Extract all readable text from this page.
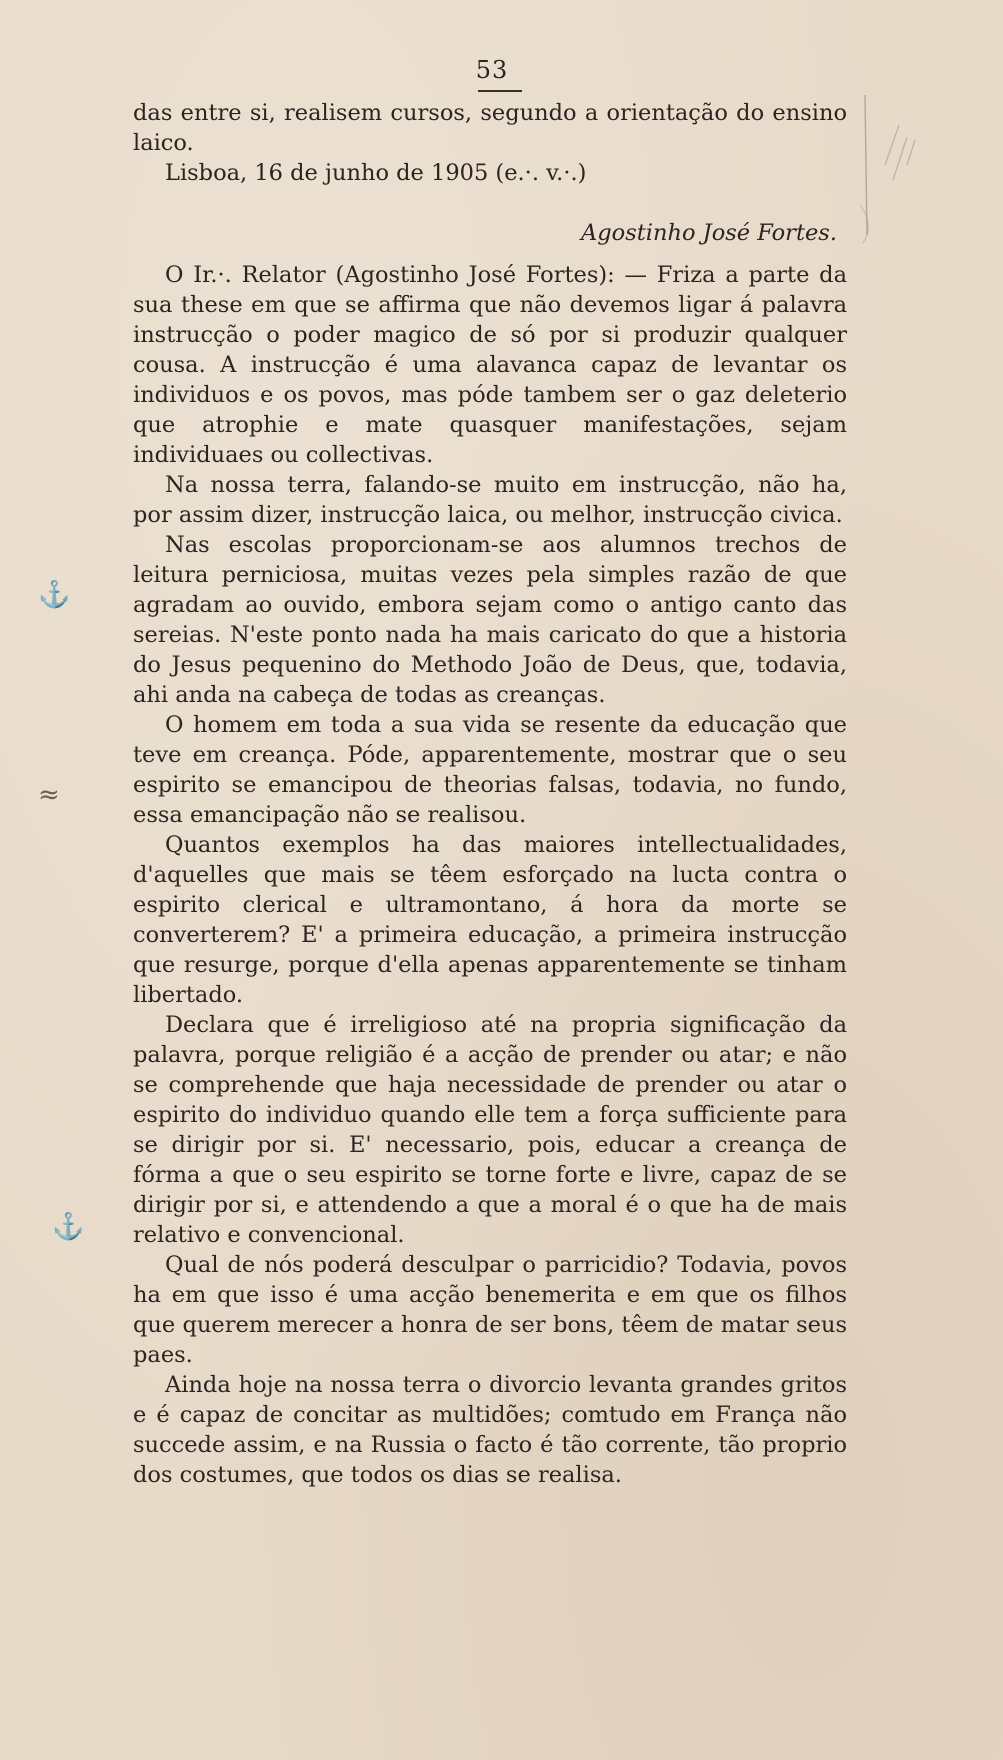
53
⚓
≈
⚓

das entre si, realisem cursos, segundo a orientação do ensino laico.

Lisboa, 16 de junho de 1905 (e.·. v.·.)

Agostinho José Fortes.

O Ir.·. Relator (Agostinho José Fortes): — Friza a parte da sua these em que se affirma que não devemos ligar á palavra instrucção o poder magico de só por si produzir qualquer cousa. A instrucção é uma alavanca capaz de levantar os individuos e os povos, mas póde tambem ser o gaz deleterio que atrophie e mate quasquer manifestações, sejam individuaes ou collectivas.

Na nossa terra, falando-se muito em instrucção, não ha, por assim dizer, instrucção laica, ou melhor, instrucção civica.

Nas escolas proporcionam-se aos alumnos trechos de leitura perniciosa, muitas vezes pela simples razão de que agradam ao ouvido, embora sejam como o antigo canto das sereias. N'este ponto nada ha mais caricato do que a historia do Jesus pequenino do Methodo João de Deus, que, todavia, ahi anda na cabeça de todas as creanças.

O homem em toda a sua vida se resente da educação que teve em creança. Póde, apparentemente, mostrar que o seu espirito se emancipou de theorias falsas, todavia, no fundo, essa emancipação não se realisou.

Quantos exemplos ha das maiores intellectualidades, d'aquelles que mais se têem esforçado na lucta contra o espirito clerical e ultramontano, á hora da morte se converterem? E' a primeira educação, a primeira instrucção que resurge, porque d'ella apenas apparentemente se tinham libertado.

Declara que é irreligioso até na propria significação da palavra, porque religião é a acção de prender ou atar; e não se comprehende que haja necessidade de prender ou atar o espirito do individuo quando elle tem a força sufficiente para se dirigir por si. E' necessario, pois, educar a creança de fórma a que o seu espirito se torne forte e livre, capaz de se dirigir por si, e attendendo a que a moral é o que ha de mais relativo e convencional.

Qual de nós poderá desculpar o parricidio? Todavia, povos ha em que isso é uma acção benemerita e em que os filhos que querem merecer a honra de ser bons, têem de matar seus paes.

Ainda hoje na nossa terra o divorcio levanta grandes gritos e é capaz de concitar as multidões; comtudo em França não succede assim, e na Russia o facto é tão corrente, tão proprio dos costumes, que todos os dias se realisa.
